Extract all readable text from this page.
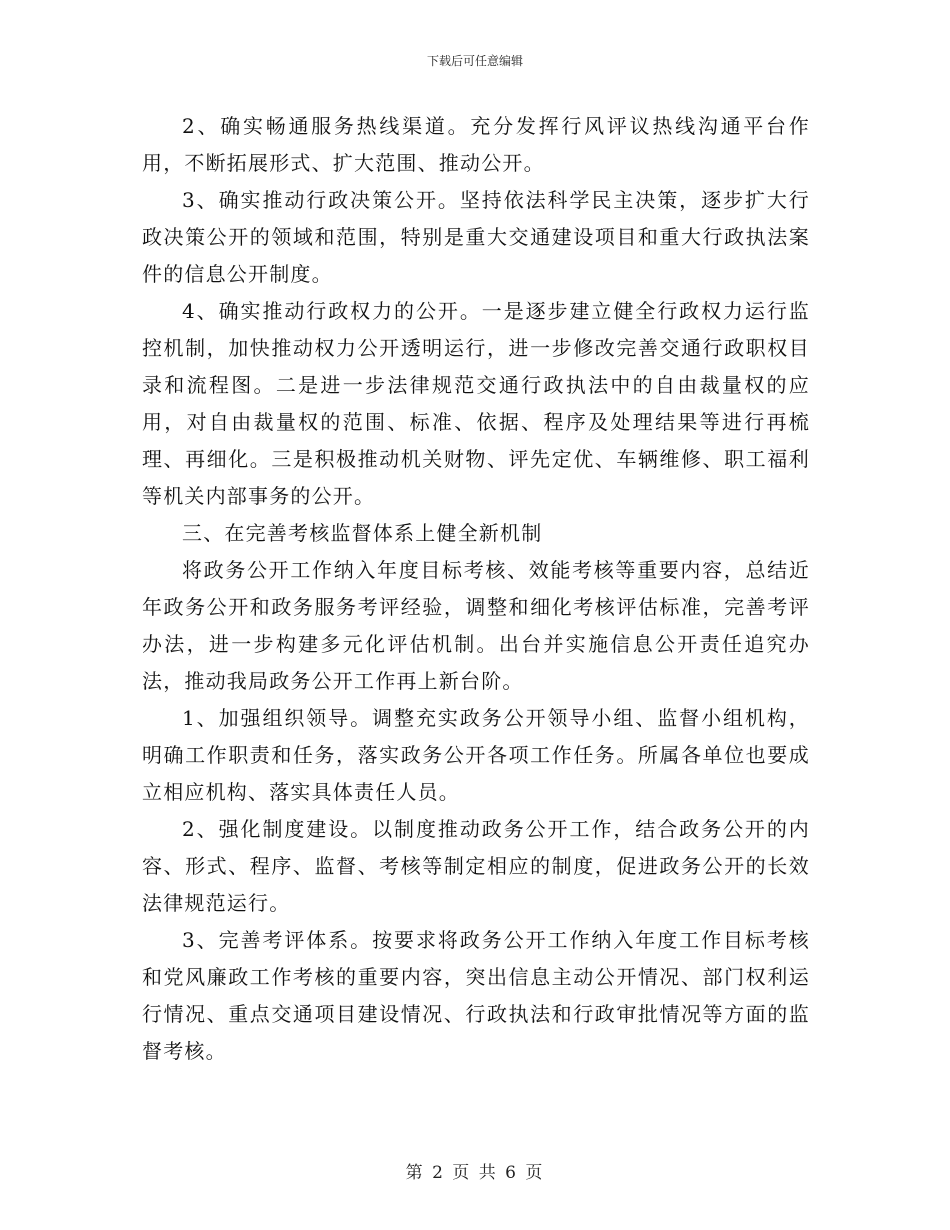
下载后可任意编辑

2、确实畅通服务热线渠道。充分发挥行风评议热线沟通平台作用，不断拓展形式、扩大范围、推动公开。

3、确实推动行政决策公开。坚持依法科学民主决策，逐步扩大行政决策公开的领域和范围，特别是重大交通建设项目和重大行政执法案件的信息公开制度。

4、确实推动行政权力的公开。一是逐步建立健全行政权力运行监控机制，加快推动权力公开透明运行，进一步修改完善交通行政职权目录和流程图。二是进一步法律规范交通行政执法中的自由裁量权的应用，对自由裁量权的范围、标准、依据、程序及处理结果等进行再梳理、再细化。三是积极推动机关财物、评先定优、车辆维修、职工福利等机关内部事务的公开。

三、在完善考核监督体系上健全新机制

将政务公开工作纳入年度目标考核、效能考核等重要内容，总结近年政务公开和政务服务考评经验，调整和细化考核评估标准，完善考评办法，进一步构建多元化评估机制。出台并实施信息公开责任追究办法，推动我局政务公开工作再上新台阶。

1、加强组织领导。调整充实政务公开领导小组、监督小组机构，明确工作职责和任务，落实政务公开各项工作任务。所属各单位也要成立相应机构、落实具体责任人员。

2、强化制度建设。以制度推动政务公开工作，结合政务公开的内容、形式、程序、监督、考核等制定相应的制度，促进政务公开的长效法律规范运行。

3、完善考评体系。按要求将政务公开工作纳入年度工作目标考核和党风廉政工作考核的重要内容，突出信息主动公开情况、部门权利运行情况、重点交通项目建设情况、行政执法和行政审批情况等方面的监督考核。

第 2 页 共 6 页
